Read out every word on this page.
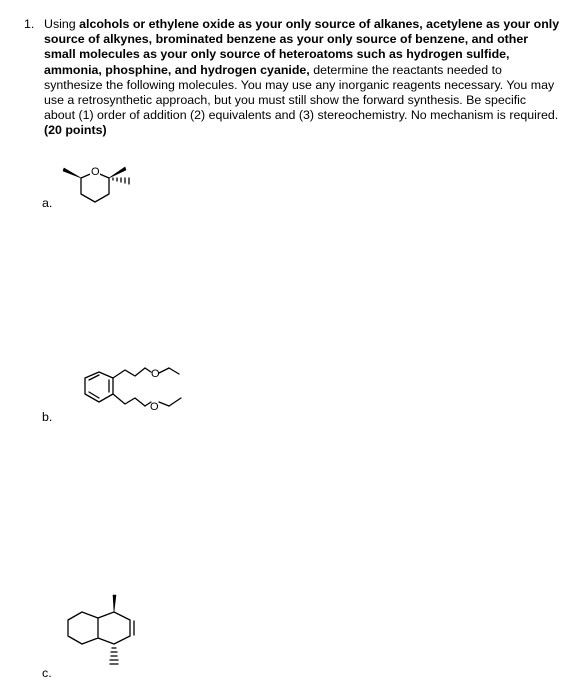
1. Using alcohols or ethylene oxide as your only source of alkanes, acetylene as your only source of alkynes, brominated benzene as your only source of benzene, and other small molecules as your only source of heteroatoms such as hydrogen sulfide, ammonia, phosphine, and hydrogen cyanide, determine the reactants needed to synthesize the following molecules. You may use any inorganic reagents necessary. You may use a retrosynthetic approach, but you must still show the forward synthesis. Be specific about (1) order of addition (2) equivalents and (3) stereochemistry. No mechanism is required. (20 points)
a.
O
b.
O
O
c.
